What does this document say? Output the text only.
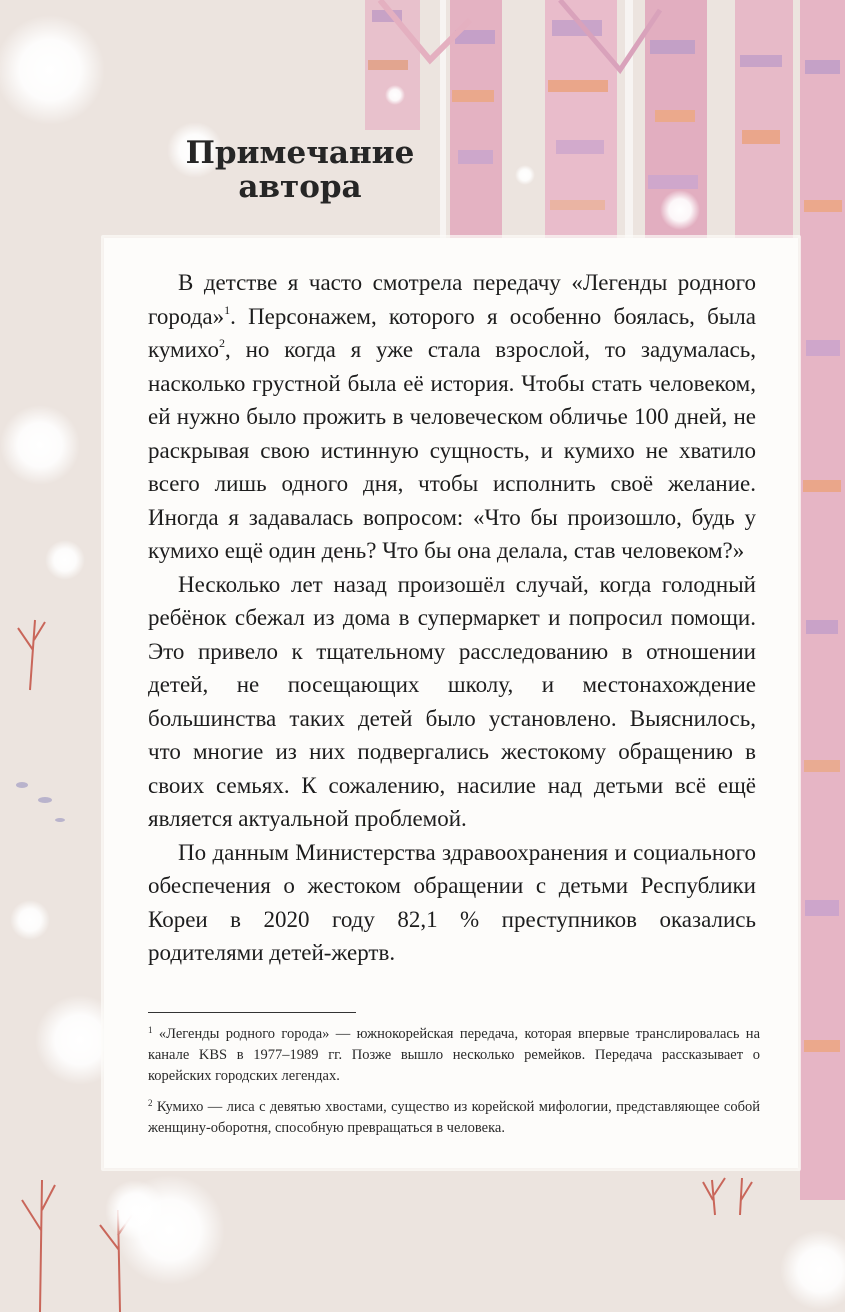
Примечание
автора

В детстве я часто смотрела передачу «Легенды родного города»$^1$. Персонажем, которого я особенно боялась, была кумихо$^2$, но когда я уже стала взрослой, то задумалась, насколько грустной была её история. Чтобы стать человеком, ей нужно было прожить в человеческом обличье 100 дней, не раскрывая свою истинную сущность, и кумихо не хватило всего лишь одного дня, чтобы исполнить своё желание. Иногда я задавалась вопросом: «Что бы произошло, будь у кумихо ещё один день? Что бы она делала, став человеком?»

Несколько лет назад произошёл случай, когда голодный ребёнок сбежал из дома в супермаркет и попросил помощи. Это привело к тщательному расследованию в отношении детей, не посещающих школу, и местонахождение большинства таких детей было установлено. Выяснилось, что многие из них подвергались жестокому обращению в своих семьях. К сожалению, насилие над детьми всё ещё является актуальной проблемой.

По данным Министерства здравоохранения и социального обеспечения о жестоком обращении с детьми Республики Кореи в 2020 году 82,1 % преступников оказались родителями детей-жертв.

$^1$ «Легенды родного города» — южнокорейская передача, которая впервые транслировалась на канале KBS в 1977–1989 гг. Позже вышло несколько ремейков. Передача рассказывает о корейских городских легендах.

$^2$ Кумихо — лиса с девятью хвостами, существо из корейской мифологии, представляющее собой женщину-оборотня, способную превращаться в человека.
